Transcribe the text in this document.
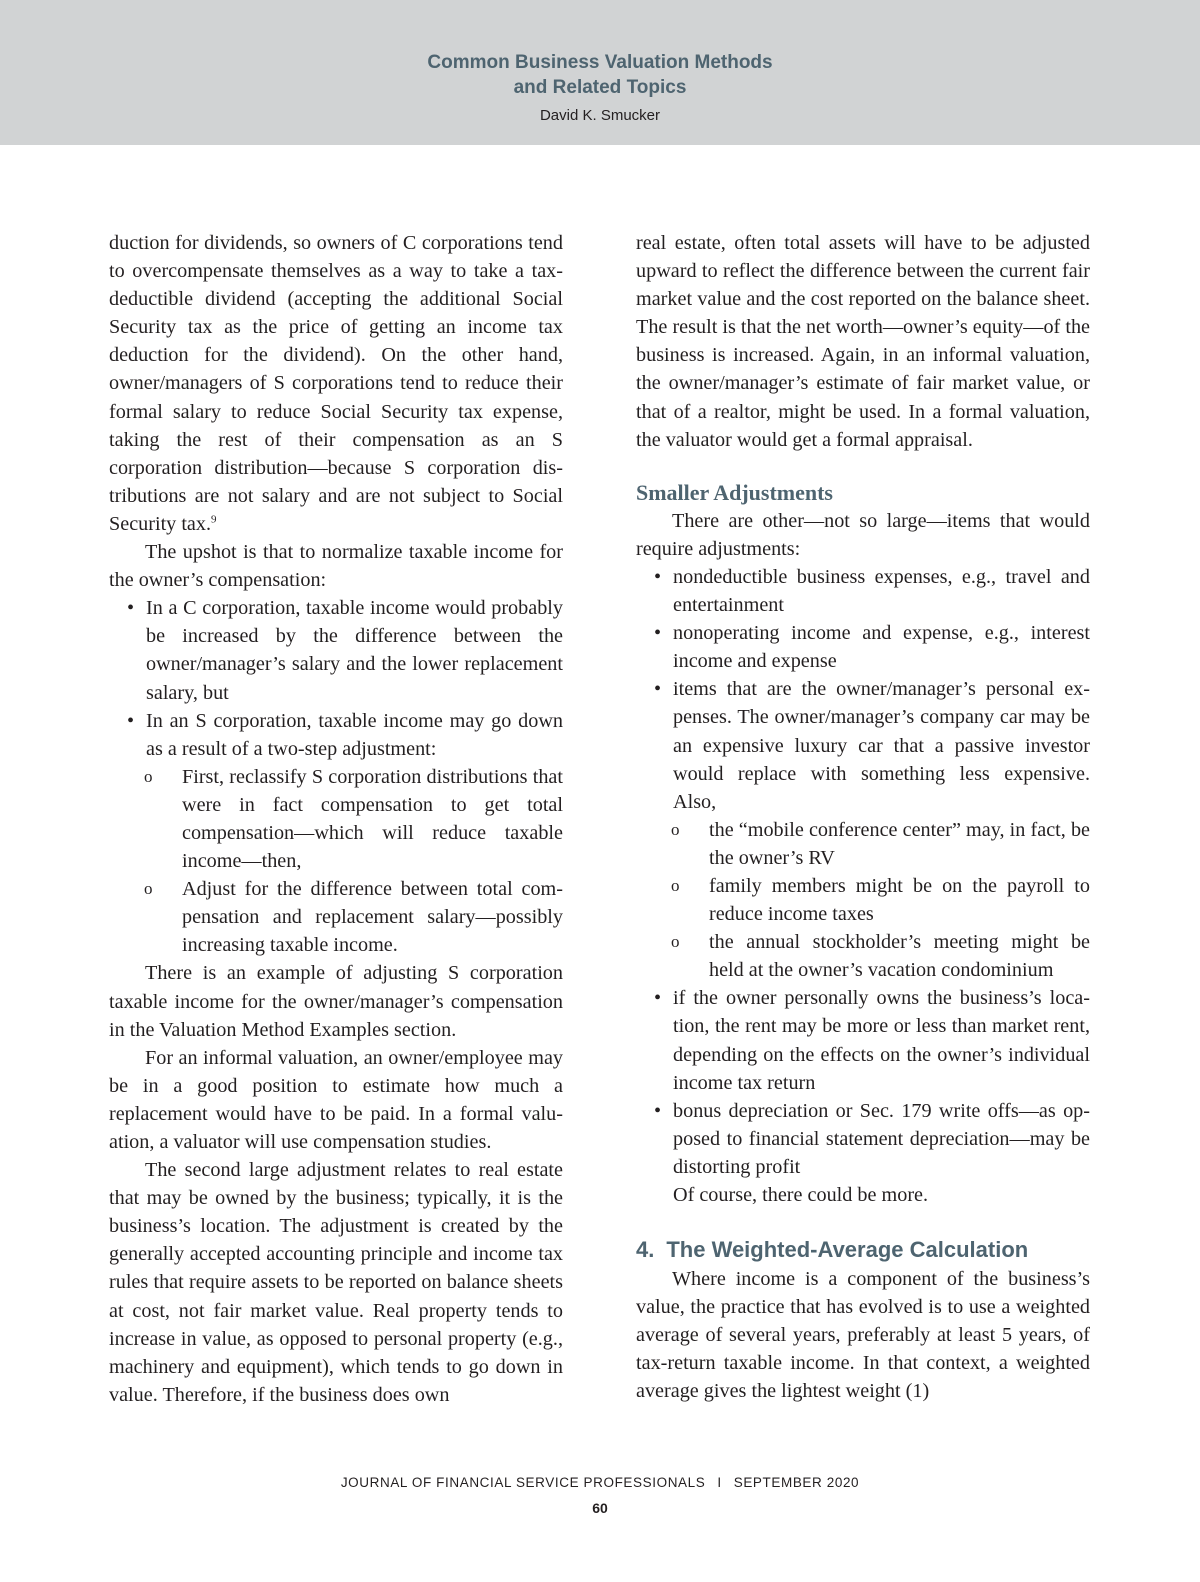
Common Business Valuation Methods
and Related Topics
David K. Smucker

duction for dividends, so owners of C corporations tend to overcompensate themselves as a way to take a tax-deductible dividend (accepting the additional Social Security tax as the price of getting an income tax deduction for the dividend). On the other hand, owner/managers of S corporations tend to reduce their formal salary to reduce Social Security tax expense, taking the rest of their compensation as an S corporation distribution—because S corporation distributions are not salary and are not subject to Social Security tax.$^9$

The upshot is that to normalize taxable income for the owner’s compensation:

• In a C corporation, taxable income would probably be increased by the difference between the owner/manager’s salary and the lower replacement salary, but
• In an S corporation, taxable income may go down as a result of a two-step adjustment:
o First, reclassify S corporation distributions that were in fact compensation to get total compensation—which will reduce taxable income—then,
o Adjust for the difference between total compensation and replacement salary—possibly increasing taxable income.

There is an example of adjusting S corporation taxable income for the owner/manager’s compensation in the Valuation Method Examples section.

For an informal valuation, an owner/employee may be in a good position to estimate how much a replacement would have to be paid. In a formal valuation, a valuator will use compensation studies.

The second large adjustment relates to real estate that may be owned by the business; typically, it is the business’s location. The adjustment is created by the generally accepted accounting principle and income tax rules that require assets to be reported on balance sheets at cost, not fair market value. Real property tends to increase in value, as opposed to personal property (e.g., machinery and equipment), which tends to go down in value. Therefore, if the business does own

real estate, often total assets will have to be adjusted upward to reflect the difference between the current fair market value and the cost reported on the balance sheet. The result is that the net worth—owner’s equity—of the business is increased. Again, in an informal valuation, the owner/manager’s estimate of fair market value, or that of a realtor, might be used. In a formal valuation, the valuator would get a formal appraisal.

Smaller Adjustments

There are other—not so large—items that would require adjustments:

• nondeductible business expenses, e.g., travel and entertainment
• nonoperating income and expense, e.g., interest income and expense
• items that are the owner/manager’s personal expenses. The owner/manager’s company car may be an expensive luxury car that a passive investor would replace with something less expensive. Also,
o the “mobile conference center” may, in fact, be the owner’s RV
o family members might be on the payroll to reduce income taxes
o the annual stockholder’s meeting might be held at the owner’s vacation condominium
• if the owner personally owns the business’s location, the rent may be more or less than market rent, depending on the effects on the owner’s individual income tax return
• bonus depreciation or Sec. 179 write offs—as opposed to financial statement depreciation—may be distorting profit

Of course, there could be more.

4. The Weighted-Average Calculation

Where income is a component of the business’s value, the practice that has evolved is to use a weighted average of several years, preferably at least 5 years, of tax-return taxable income. In that context, a weighted average gives the lightest weight (1)

JOURNAL OF FINANCIAL SERVICE PROFESSIONALS I SEPTEMBER 2020
60
